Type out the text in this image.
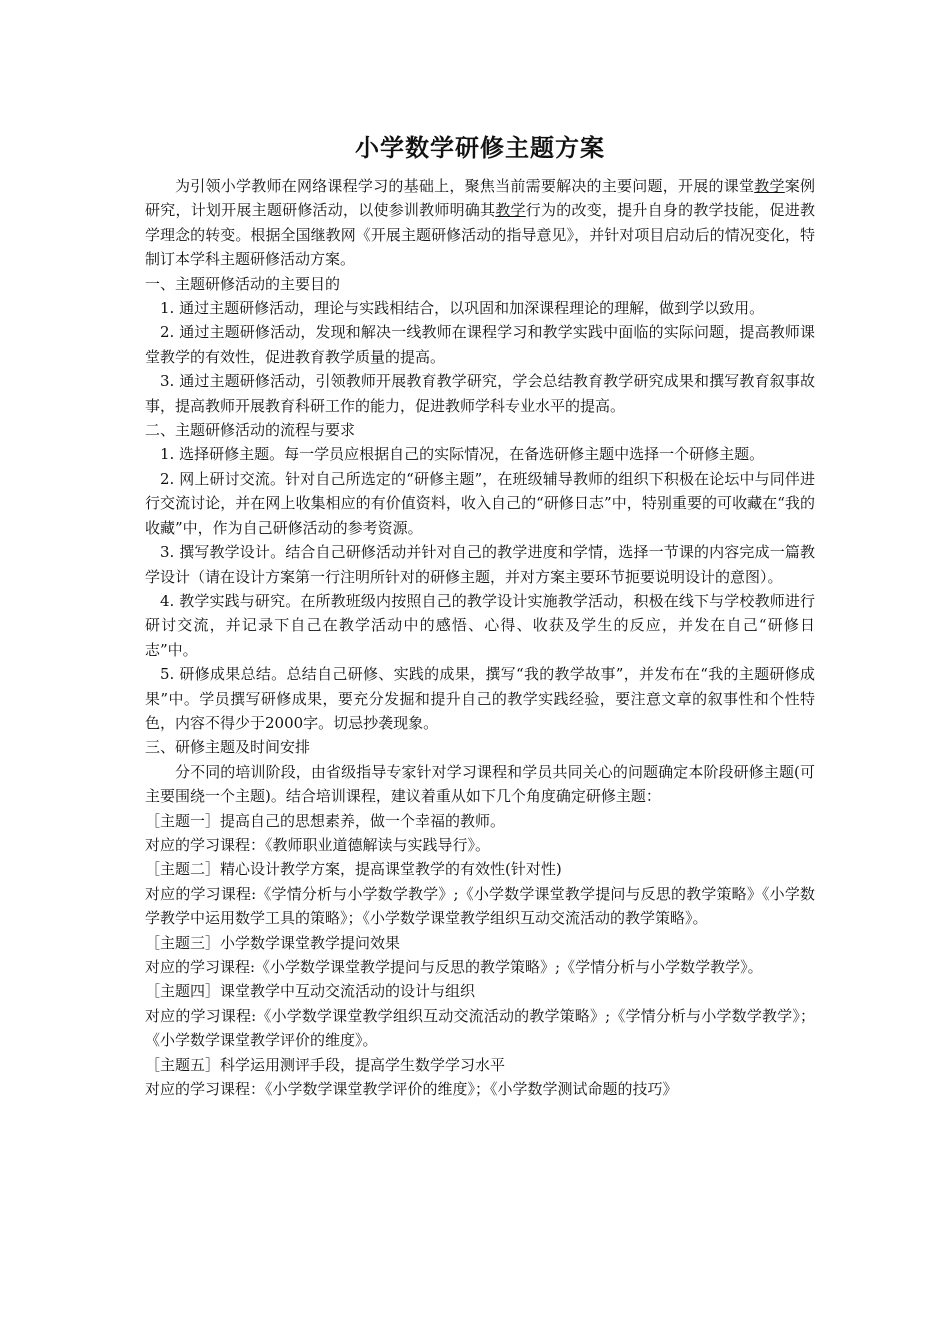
小学数学研修主题方案

为引领小学教师在网络课程学习的基础上，聚焦当前需要解决的主要问题，开展的课堂教学案例研究，计划开展主题研修活动，以使参训教师明确其教学行为的改变，提升自身的教学技能，促进教学理念的转变。根据全国继教网《开展主题研修活动的指导意见》，并针对项目启动后的情况变化，特制订本学科主题研修活动方案。

一、主题研修活动的主要目的

1. 通过主题研修活动，理论与实践相结合，以巩固和加深课程理论的理解，做到学以致用。

2. 通过主题研修活动，发现和解决一线教师在课程学习和教学实践中面临的实际问题，提高教师课堂教学的有效性，促进教育教学质量的提高。

3. 通过主题研修活动，引领教师开展教育教学研究，学会总结教育教学研究成果和撰写教育叙事故事，提高教师开展教育科研工作的能力，促进教师学科专业水平的提高。

二、主题研修活动的流程与要求

1. 选择研修主题。每一学员应根据自己的实际情况，在备选研修主题中选择一个研修主题。

2. 网上研讨交流。针对自己所选定的“研修主题”，在班级辅导教师的组织下积极在论坛中与同伴进行交流讨论，并在网上收集相应的有价值资料，收入自己的“研修日志”中，特别重要的可收藏在“我的收藏”中，作为自己研修活动的参考资源。

3. 撰写教学设计。结合自己研修活动并针对自己的教学进度和学情，选择一节课的内容完成一篇教学设计（请在设计方案第一行注明所针对的研修主题，并对方案主要环节扼要说明设计的意图）。

4. 教学实践与研究。在所教班级内按照自己的教学设计实施教学活动，积极在线下与学校教师进行研讨交流，并记录下自己在教学活动中的感悟、心得、收获及学生的反应，并发在自己“研修日志”中。

5. 研修成果总结。总结自己研修、实践的成果，撰写“我的教学故事”，并发布在“我的主题研修成果”中。学员撰写研修成果，要充分发掘和提升自己的教学实践经验，要注意文章的叙事性和个性特色，内容不得少于2000字。切忌抄袭现象。

三、研修主题及时间安排

分不同的培训阶段，由省级指导专家针对学习课程和学员共同关心的问题确定本阶段研修主题(可主要围绕一个主题)。结合培训课程，建议着重从如下几个角度确定研修主题：

［主题一］提高自己的思想素养，做一个幸福的教师。

对应的学习课程：《教师职业道德解读与实践导行》。

［主题二］精心设计教学方案，提高课堂教学的有效性(针对性)

对应的学习课程:《学情分析与小学数学教学》;《小学数学课堂教学提问与反思的教学策略》《小学数学教学中运用数学工具的策略》；《小学数学课堂教学组织互动交流活动的教学策略》。

［主题三］小学数学课堂教学提问效果

对应的学习课程:《小学数学课堂教学提问与反思的教学策略》;《学情分析与小学数学教学》。

［主题四］课堂教学中互动交流活动的设计与组织

对应的学习课程:《小学数学课堂教学组织互动交流活动的教学策略》;《学情分析与小学数学教学》；《小学数学课堂教学评价的维度》。

［主题五］科学运用测评手段，提高学生数学学习水平

对应的学习课程：《小学数学课堂教学评价的维度》；《小学数学测试命题的技巧》
